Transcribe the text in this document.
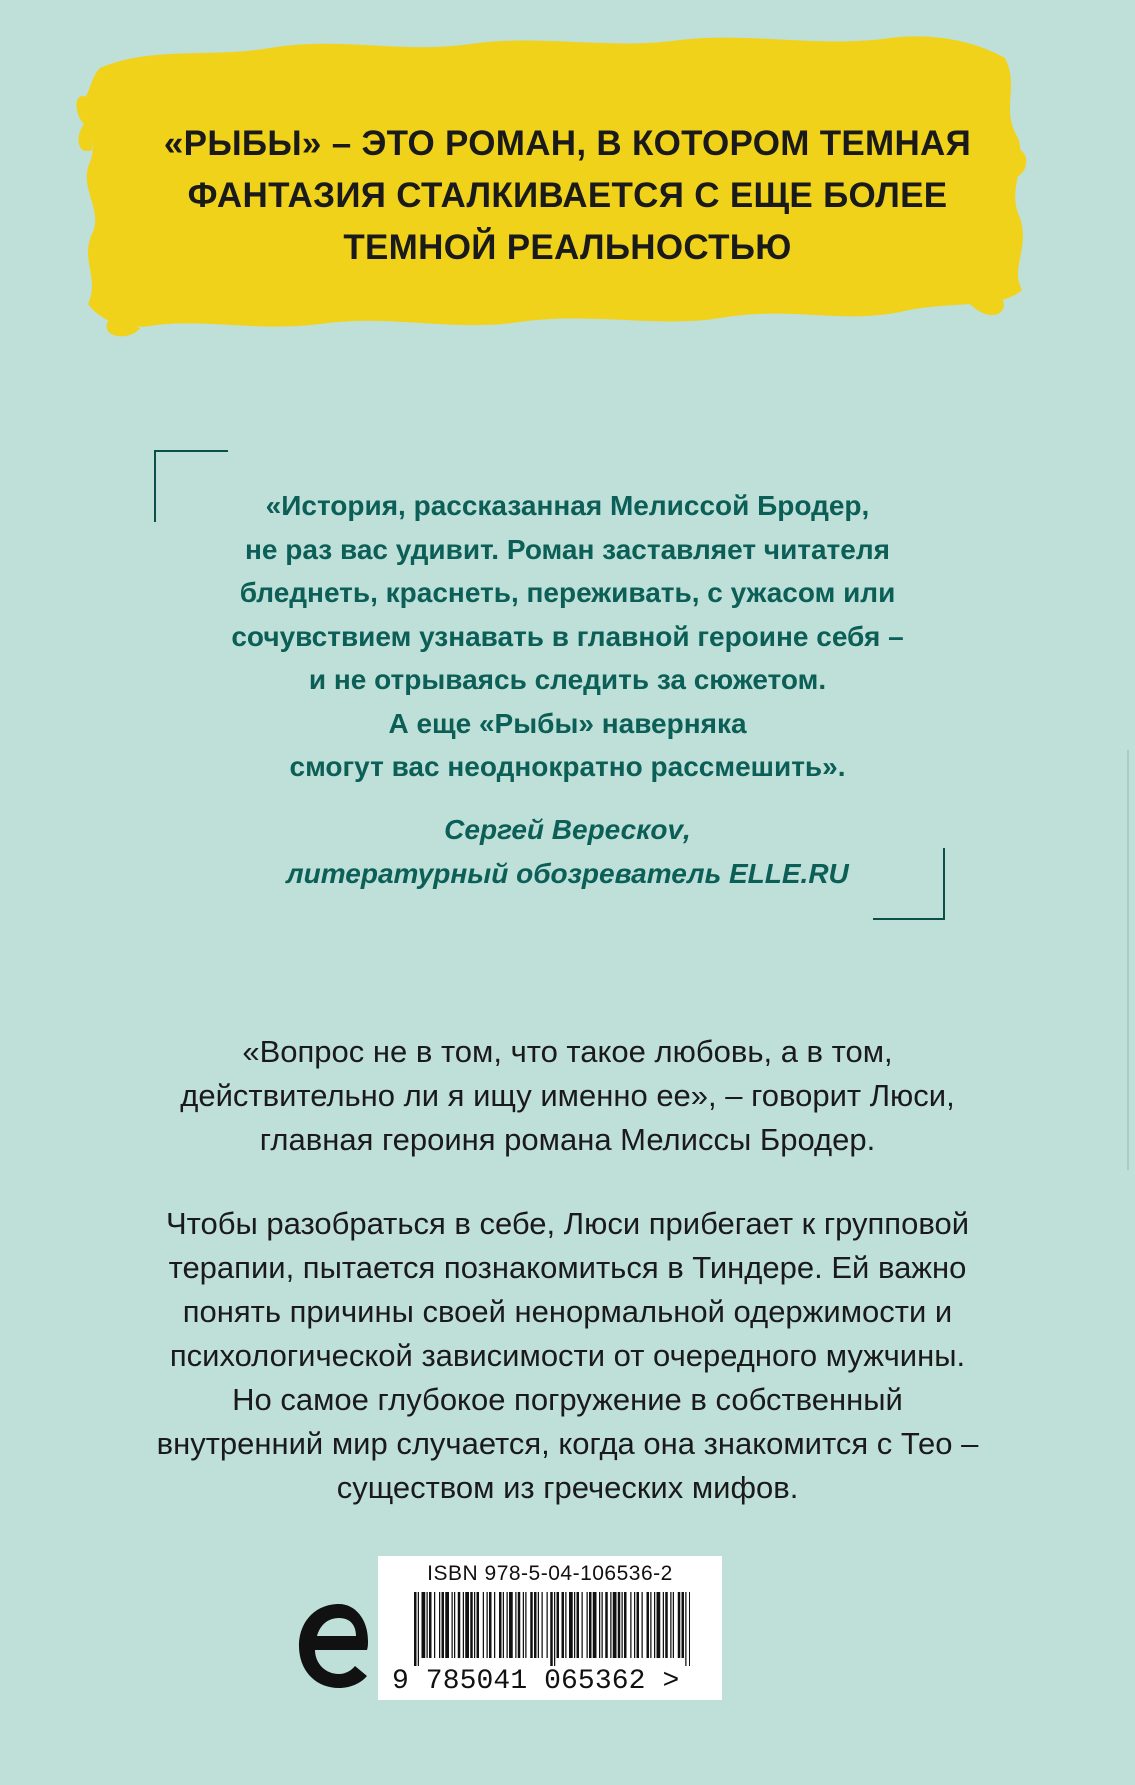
«РЫБЫ» – ЭТО РОМАН, В КОТОРОМ ТЕМНАЯ
ФАНТАЗИЯ СТАЛКИВАЕТСЯ С ЕЩЕ БОЛЕЕ
ТЕМНОЙ РЕАЛЬНОСТЬЮ
«История, рассказанная Мелиссой Бродер,
не раз вас удивит. Роман заставляет читателя
бледнеть, краснеть, переживать, с ужасом или
сочувствием узнавать в главной героине себя –
и не отрываясь следить за сюжетом.
А еще «Рыбы» наверняка
смогут вас неоднократно рассмешить».
Сергей Верескоᴠ,
литературный обозреватель ELLE.RU
«Вопрос не в том, что такое любовь, а в том,
действительно ли я ищу именно ее», – говорит Люси,
главная героиня романа Мелиссы Бродер.
Чтобы разобраться в себе, Люси прибегает к групповой
терапии, пытается познакомиться в Тиндере. Ей важно
понять причины своей ненормальной одержимости и
психологической зависимости от очередного мужчины.
Но самое глубокое погружение в собственный
внутренний мир случается, когда она знакомится с Тео –
существом из греческих мифов.
ISBN 978-5-04-106536-2
9 785041 065362 >
